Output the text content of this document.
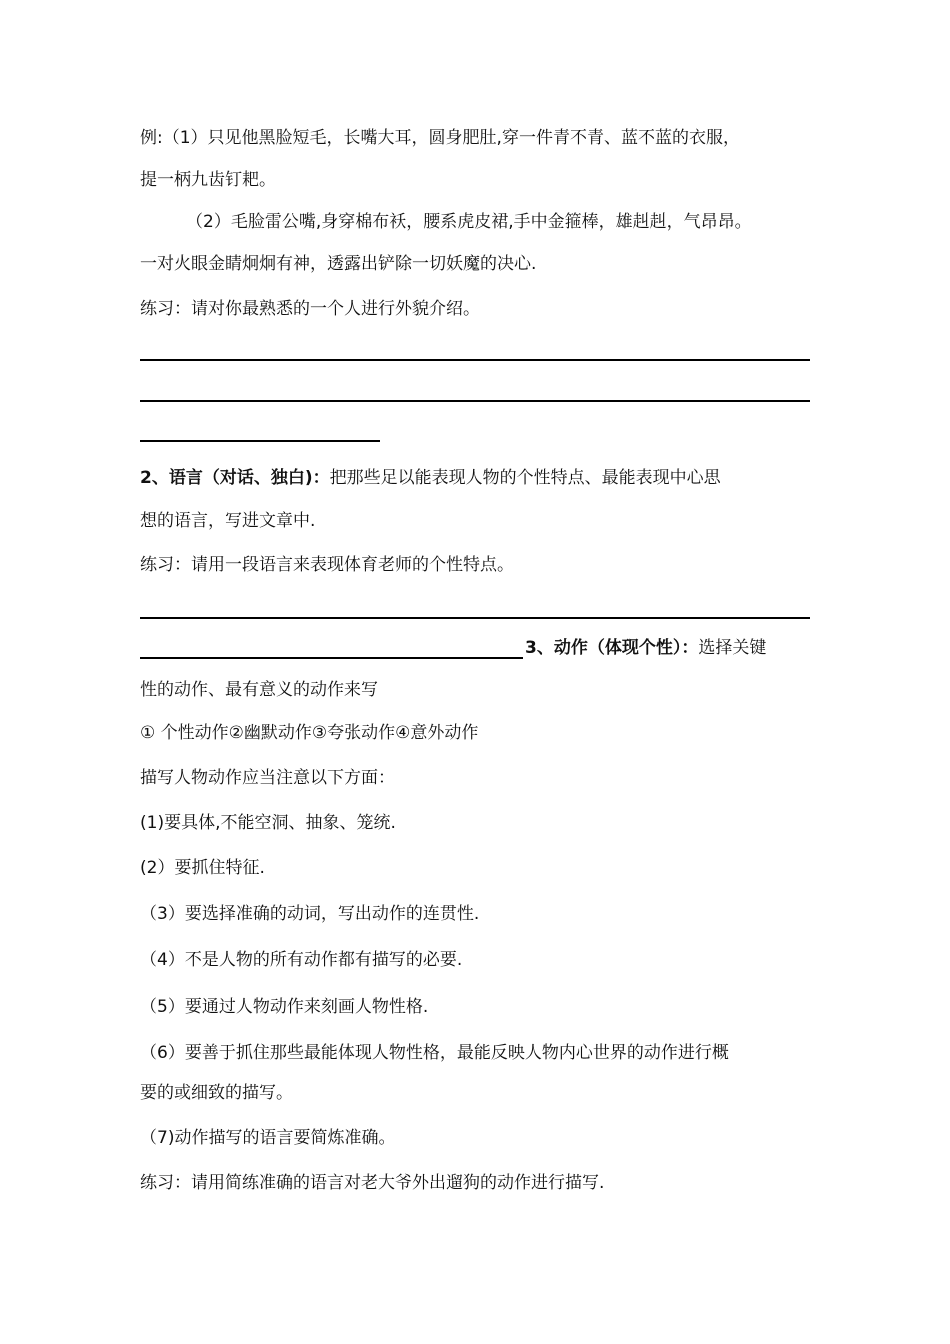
例:（1）只见他黑脸短毛，长嘴大耳，圆身肥肚,穿一件青不青、蓝不蓝的衣服，
提一柄九齿钉耙。
（2）毛脸雷公嘴,身穿棉布袄，腰系虎皮裙,手中金箍棒，雄赳赳，气昂昂。
一对火眼金睛炯炯有神，透露出铲除一切妖魔的决心.
练习：请对你最熟悉的一个人进行外貌介绍。
2、语言（对话、独白)：把那些足以能表现人物的个性特点、最能表现中心思
想的语言，写进文章中.
练习：请用一段语言来表现体育老师的个性特点。
3、动作（体现个性）：选择关键
性的动作、最有意义的动作来写
① 个性动作②幽默动作③夸张动作④意外动作
描写人物动作应当注意以下方面：
(1)要具体,不能空洞、抽象、笼统.
(2）要抓住特征.
（3）要选择准确的动词，写出动作的连贯性.
（4）不是人物的所有动作都有描写的必要.
（5）要通过人物动作来刻画人物性格.
（6）要善于抓住那些最能体现人物性格，最能反映人物内心世界的动作进行概
要的或细致的描写。
（7)动作描写的语言要简炼准确。
练习：请用简练准确的语言对老大爷外出遛狗的动作进行描写.
